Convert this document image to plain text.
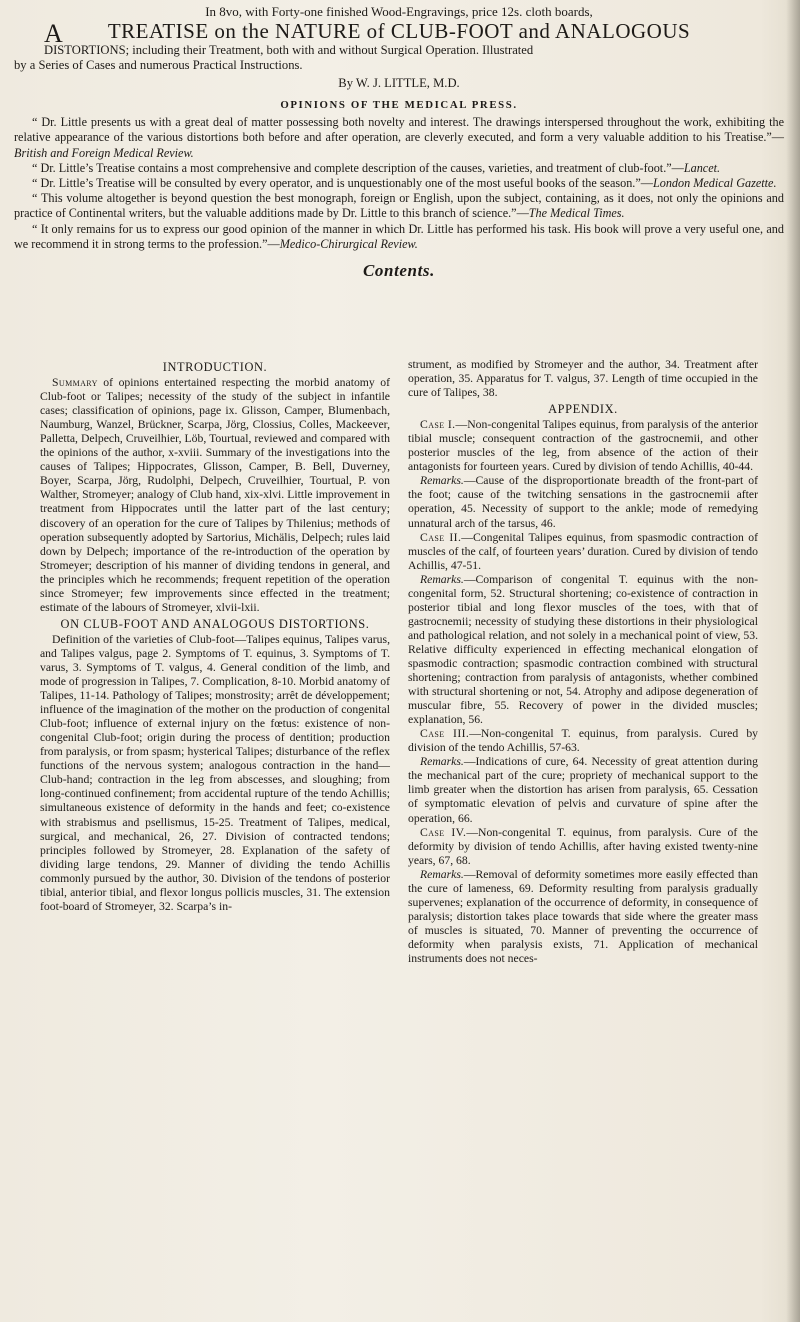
In 8vo, with Forty-one finished Wood-Engravings, price 12s. cloth boards,
A TREATISE on the NATURE of CLUB-FOOT and ANALOGOUS
DISTORTIONS; including their Treatment, both with and without Surgical Operation. Illustrated
by a Series of Cases and numerous Practical Instructions.
By W. J. LITTLE, M.D.
OPINIONS OF THE MEDICAL PRESS.

“ Dr. Little presents us with a great deal of matter possessing both novelty and interest. The drawings interspersed throughout the work, exhibiting the relative appearance of the various distortions both before and after operation, are cleverly executed, and form a very valuable addition to his Treatise.”—British and Foreign Medical Review.

“ Dr. Little’s Treatise contains a most comprehensive and complete description of the causes, varieties, and treatment of club-foot.”—Lancet.

“ Dr. Little’s Treatise will be consulted by every operator, and is unquestionably one of the most useful books of the season.”—London Medical Gazette.

“ This volume altogether is beyond question the best monograph, foreign or English, upon the subject, containing, as it does, not only the opinions and practice of Continental writers, but the valuable additions made by Dr. Little to this branch of science.”—The Medical Times.

“ It only remains for us to express our good opinion of the manner in which Dr. Little has performed his task. His book will prove a very useful one, and we recommend it in strong terms to the profession.”—Medico-Chirurgical Review.

Contents.
INTRODUCTION.

Summary of opinions entertained respecting the morbid anatomy of Club-foot or Talipes; necessity of the study of the subject in infantile cases; classification of opinions, page ix. Glisson, Camper, Blumenbach, Naumburg, Wanzel, Brückner, Scarpa, Jörg, Clossius, Colles, Mackeever, Palletta, Delpech, Cruveilhier, Löb, Tourtual, reviewed and compared with the opinions of the author, x-xviii. Summary of the investigations into the causes of Talipes; Hippocrates, Glisson, Camper, B. Bell, Duverney, Boyer, Scarpa, Jörg, Rudolphi, Delpech, Cruveilhier, Tourtual, P. von Walther, Stromeyer; analogy of Club hand, xix-xlvi. Little improvement in treatment from Hippocrates until the latter part of the last century; discovery of an operation for the cure of Talipes by Thilenius; methods of operation subsequently adopted by Sartorius, Michälis, Delpech; rules laid down by Delpech; importance of the re-introduction of the operation by Stromeyer; description of his manner of dividing tendons in general, and the principles which he recommends; frequent repetition of the operation since Stromeyer; few improvements since effected in the treatment; estimate of the labours of Stromeyer, xlvii-lxii.

ON CLUB-FOOT AND ANALOGOUS DISTORTIONS.

Definition of the varieties of Club-foot—Talipes equinus, Talipes varus, and Talipes valgus, page 2. Symptoms of T. equinus, 3. Symptoms of T. varus, 3. Symptoms of T. valgus, 4. General condition of the limb, and mode of progression in Talipes, 7. Complication, 8-10. Morbid anatomy of Talipes, 11-14. Pathology of Talipes; monstrosity; arrêt de développement; influence of the imagination of the mother on the production of congenital Club-foot; influence of external injury on the fœtus: existence of non-congenital Club-foot; origin during the process of dentition; production from paralysis, or from spasm; hysterical Talipes; disturbance of the reflex functions of the nervous system; analogous contraction in the hand—Club-hand; contraction in the leg from abscesses, and sloughing; from long-continued confinement; from accidental rupture of the tendo Achillis; simultaneous existence of deformity in the hands and feet; co-existence with strabismus and psellismus, 15-25. Treatment of Talipes, medical, surgical, and mechanical, 26, 27. Division of contracted tendons; principles followed by Stromeyer, 28. Explanation of the safety of dividing large tendons, 29. Manner of dividing the tendo Achillis commonly pursued by the author, 30. Division of the tendons of posterior tibial, anterior tibial, and flexor longus pollicis muscles, 31. The extension foot-board of Stromeyer, 32. Scarpa’s in-

strument, as modified by Stromeyer and the author, 34. Treatment after operation, 35. Apparatus for T. valgus, 37. Length of time occupied in the cure of Talipes, 38.

APPENDIX.

Case I.—Non-congenital Talipes equinus, from paralysis of the anterior tibial muscle; consequent contraction of the gastrocnemii, and other posterior muscles of the leg, from absence of the action of their antagonists for fourteen years. Cured by division of tendo Achillis, 40-44.

Remarks.—Cause of the disproportionate breadth of the front-part of the foot; cause of the twitching sensations in the gastrocnemii after operation, 45. Necessity of support to the ankle; mode of remedying unnatural arch of the tarsus, 46.

Case II.—Congenital Talipes equinus, from spasmodic contraction of muscles of the calf, of fourteen years’ duration. Cured by division of tendo Achillis, 47-51.

Remarks.—Comparison of congenital T. equinus with the non-congenital form, 52. Structural shortening; co-existence of contraction in posterior tibial and long flexor muscles of the toes, with that of gastrocnemii; necessity of studying these distortions in their physiological and pathological relation, and not solely in a mechanical point of view, 53. Relative difficulty experienced in effecting mechanical elongation of spasmodic contraction; spasmodic contraction combined with structural shortening; contraction from paralysis of antagonists, whether combined with structural shortening or not, 54. Atrophy and adipose degeneration of muscular fibre, 55. Recovery of power in the divided muscles; explanation, 56.

Case III.—Non-congenital T. equinus, from paralysis. Cured by division of the tendo Achillis, 57-63.

Remarks.—Indications of cure, 64. Necessity of great attention during the mechanical part of the cure; propriety of mechanical support to the limb greater when the distortion has arisen from paralysis, 65. Cessation of symptomatic elevation of pelvis and curvature of spine after the operation, 66.

Case IV.—Non-congenital T. equinus, from paralysis. Cure of the deformity by division of tendo Achillis, after having existed twenty-nine years, 67, 68.

Remarks.—Removal of deformity sometimes more easily effected than the cure of lameness, 69. Deformity resulting from paralysis gradually supervenes; explanation of the occurrence of deformity, in consequence of paralysis; distortion takes place towards that side where the greater mass of muscles is situated, 70. Manner of preventing the occurrence of deformity when paralysis exists, 71. Application of mechanical instruments does not neces-
